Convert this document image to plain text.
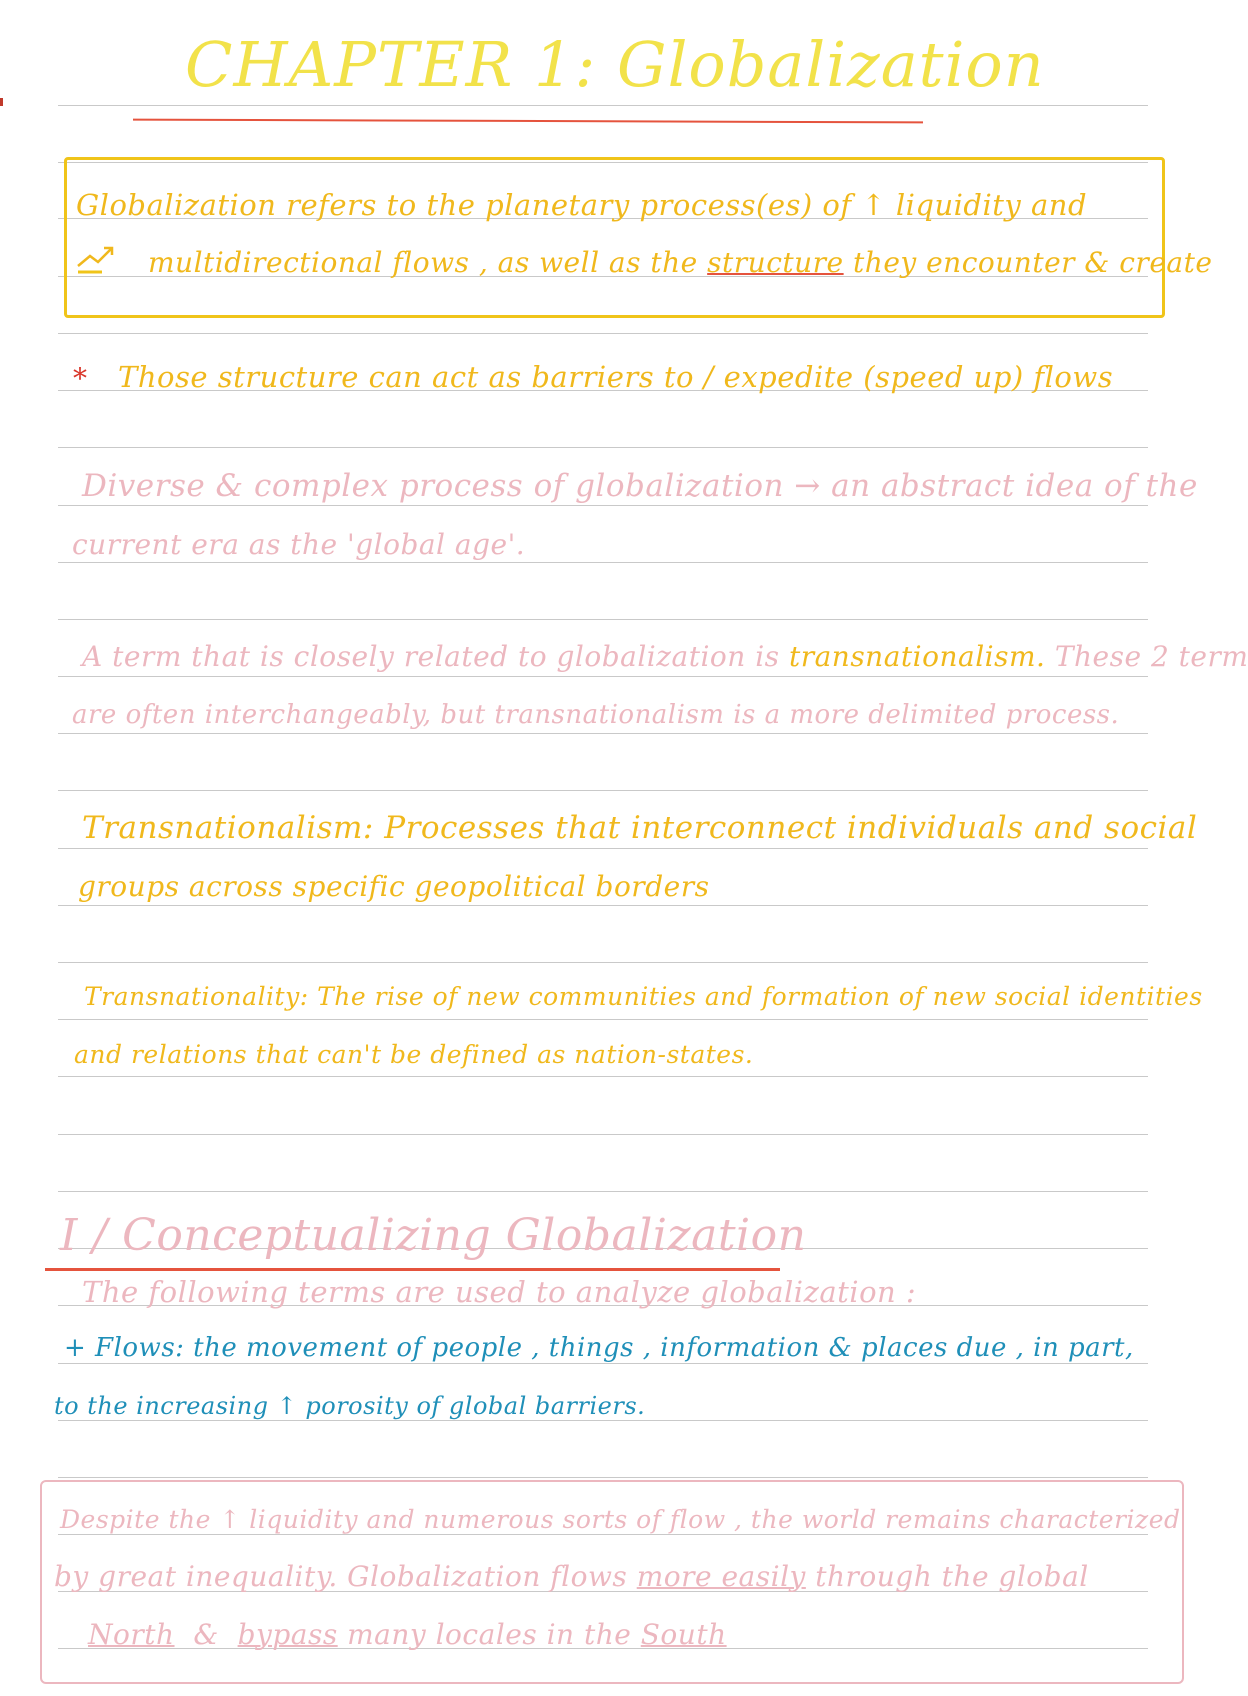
CHAPTER 1: Globalization
Globalization refers to the planetary process(es) of ↑ liquidity and
multidirectional flows , as well as the structure they encounter & create
* Those structure can act as barriers to / expedite (speed up) flows
Diverse & complex process of globalization → an abstract idea of the
current era as the 'global age'.
A term that is closely related to globalization is transnationalism. These 2 term
are often interchangeably, but transnationalism is a more delimited process.
Transnationalism: Processes that interconnect individuals and social
groups across specific geopolitical borders
Transnationality: The rise of new communities and formation of new social identities
and relations that can't be defined as nation-states.
I / Conceptualizing Globalization
The following terms are used to analyze globalization :
+ Flows: the movement of people , things , information & places due , in part,
to the increasing ↑ porosity of global barriers.
Despite the ↑ liquidity and numerous sorts of flow , the world remains characterized
by great inequality. Globalization flows more easily through the global
North & bypass many locales in the South
